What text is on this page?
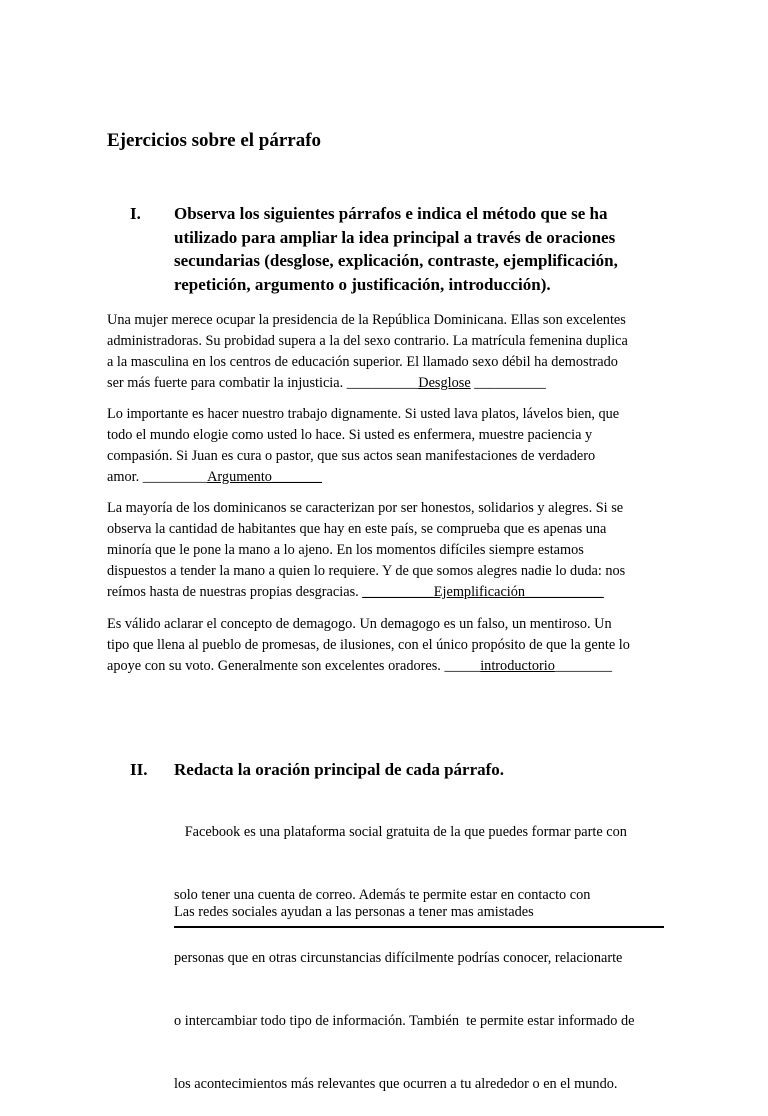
Ejercicios sobre el párrafo
I. Observa los siguientes párrafos e indica el método que se ha
utilizado para ampliar la idea principal a través de oraciones
secundarias (desglose, explicación, contraste, ejemplificación,
repetición, argumento o justificación, introducción).
Una mujer merece ocupar la presidencia de la República Dominicana. Ellas son excelentes
administradoras. Su probidad supera a la del sexo contrario. La matrícula femenina duplica
a la masculina en los centros de educación superior. El llamado sexo débil ha demostrado
ser más fuerte para combatir la injusticia. __________Desglose __________
Lo importante es hacer nuestro trabajo dignamente. Si usted lava platos, lávelos bien, que
todo el mundo elogie como usted lo hace. Si usted es enfermera, muestre paciencia y
compasión. Si Juan es cura o pastor, que sus actos sean manifestaciones de verdadero
amor. _________Argumento_______
La mayoría de los dominicanos se caracterizan por ser honestos, solidarios y alegres. Si se
observa la cantidad de habitantes que hay en este país, se comprueba que es apenas una
minoría que le pone la mano a lo ajeno. En los momentos difíciles siempre estamos
dispuestos a tender la mano a quien lo requiere. Y de que somos alegres nadie lo duda: nos
reímos hasta de nuestras propias desgracias. __________Ejemplificación___________
Es válido aclarar el concepto de demagogo. Un demagogo es un falso, un mentiroso. Un
tipo que llena al pueblo de promesas, de ilusiones, con el único propósito de que la gente lo
apoye con su voto. Generalmente son excelentes oradores. _____introductorio________
II. Redacta la oración principal de cada párrafo.

Facebook es una plataforma social gratuita de la que puedes formar parte con

solo tener una cuenta de correo. Además te permite estar en contacto con

personas que en otras circunstancias difícilmente podrías conocer, relacionarte

o intercambiar todo tipo de información. También  te permite estar informado de

los acontecimientos más relevantes que ocurren a tu alrededor o en el mundo.

Las redes sociales ayudan a las personas a tener mas amistades
